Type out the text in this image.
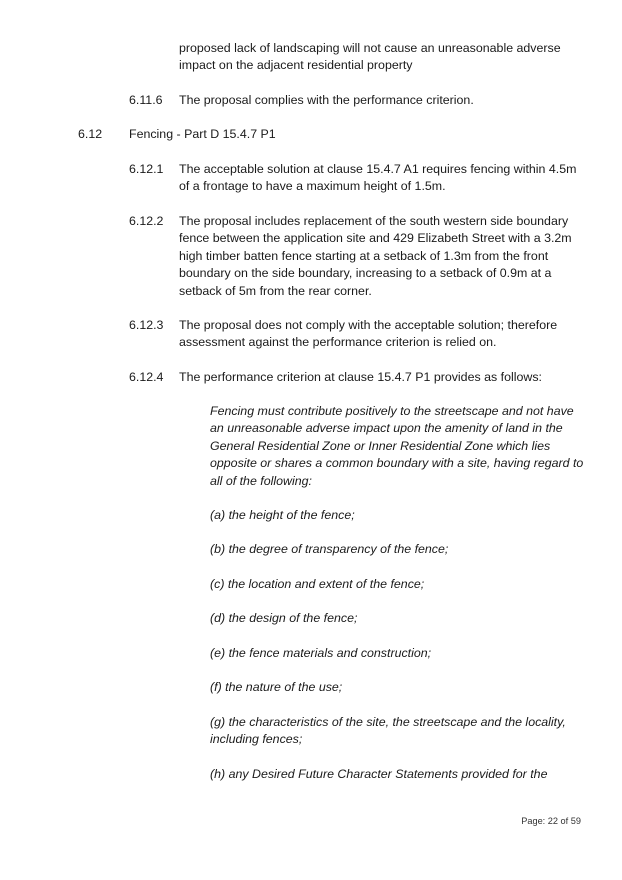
proposed lack of landscaping will not cause an unreasonable adverse impact on the adjacent residential property
6.11.6 The proposal complies with the performance criterion.
6.12 Fencing - Part D 15.4.7 P1
6.12.1 The acceptable solution at clause 15.4.7 A1 requires fencing within 4.5m of a frontage to have a maximum height of 1.5m.
6.12.2 The proposal includes replacement of the south western side boundary fence between the application site and 429 Elizabeth Street with a 3.2m high timber batten fence starting at a setback of 1.3m from the front boundary on the side boundary, increasing to a setback of 0.9m at a setback of 5m from the rear corner.
6.12.3 The proposal does not comply with the acceptable solution; therefore assessment against the performance criterion is relied on.
6.12.4 The performance criterion at clause 15.4.7 P1 provides as follows:
Fencing must contribute positively to the streetscape and not have an unreasonable adverse impact upon the amenity of land in the General Residential Zone or Inner Residential Zone which lies opposite or shares a common boundary with a site, having regard to all of the following:
(a) the height of the fence;
(b) the degree of transparency of the fence;
(c) the location and extent of the fence;
(d) the design of the fence;
(e) the fence materials and construction;
(f) the nature of the use;
(g) the characteristics of the site, the streetscape and the locality, including fences;
(h) any Desired Future Character Statements provided for the
Page: 22 of 59
